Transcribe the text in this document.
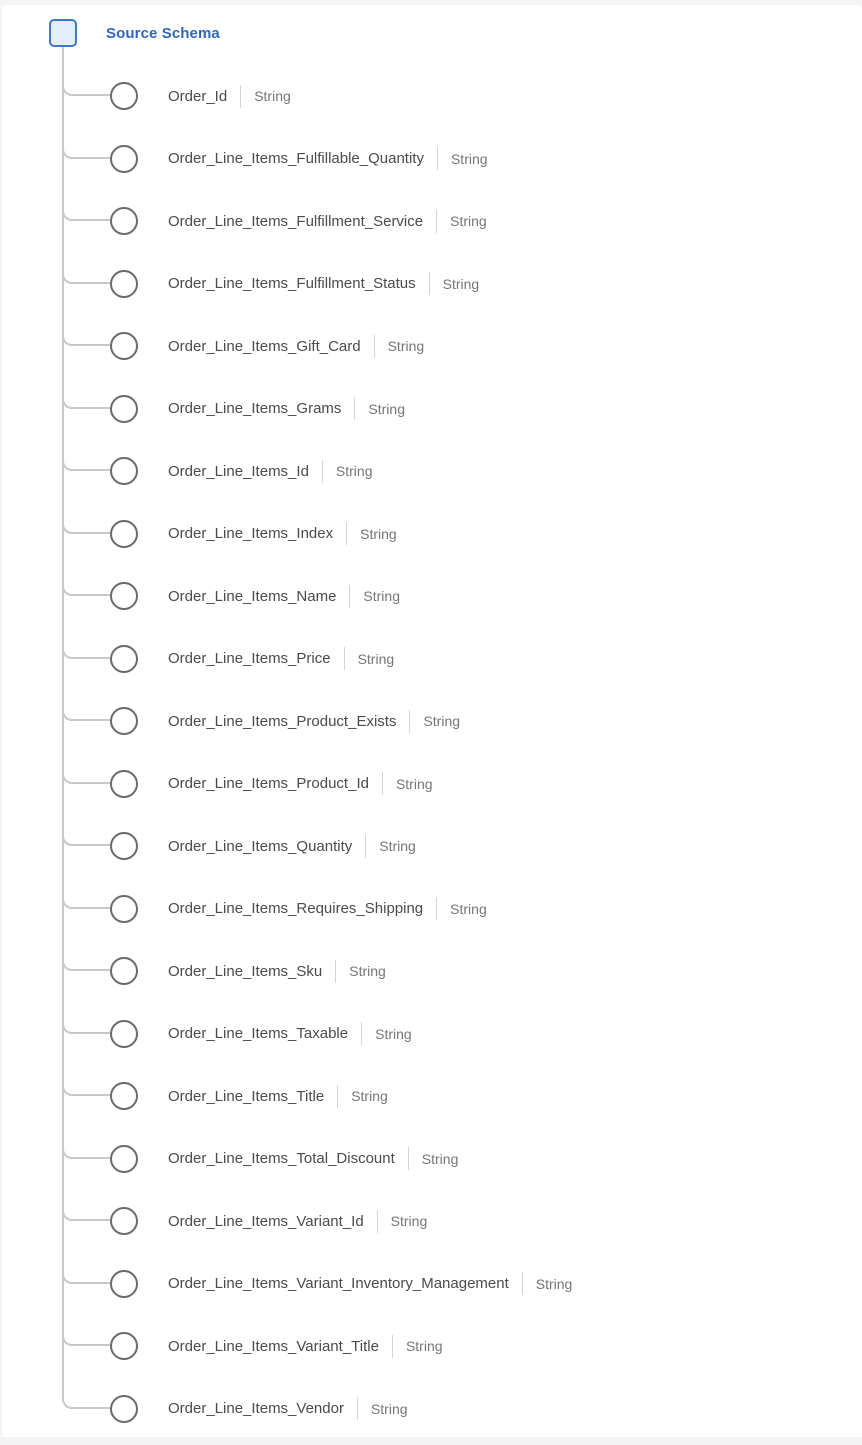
Source Schema
Order_Id String
Order_Line_Items_Fulfillable_Quantity String
Order_Line_Items_Fulfillment_Service String
Order_Line_Items_Fulfillment_Status String
Order_Line_Items_Gift_Card String
Order_Line_Items_Grams String
Order_Line_Items_Id String
Order_Line_Items_Index String
Order_Line_Items_Name String
Order_Line_Items_Price String
Order_Line_Items_Product_Exists String
Order_Line_Items_Product_Id String
Order_Line_Items_Quantity String
Order_Line_Items_Requires_Shipping String
Order_Line_Items_Sku String
Order_Line_Items_Taxable String
Order_Line_Items_Title String
Order_Line_Items_Total_Discount String
Order_Line_Items_Variant_Id String
Order_Line_Items_Variant_Inventory_Management String
Order_Line_Items_Variant_Title String
Order_Line_Items_Vendor String
